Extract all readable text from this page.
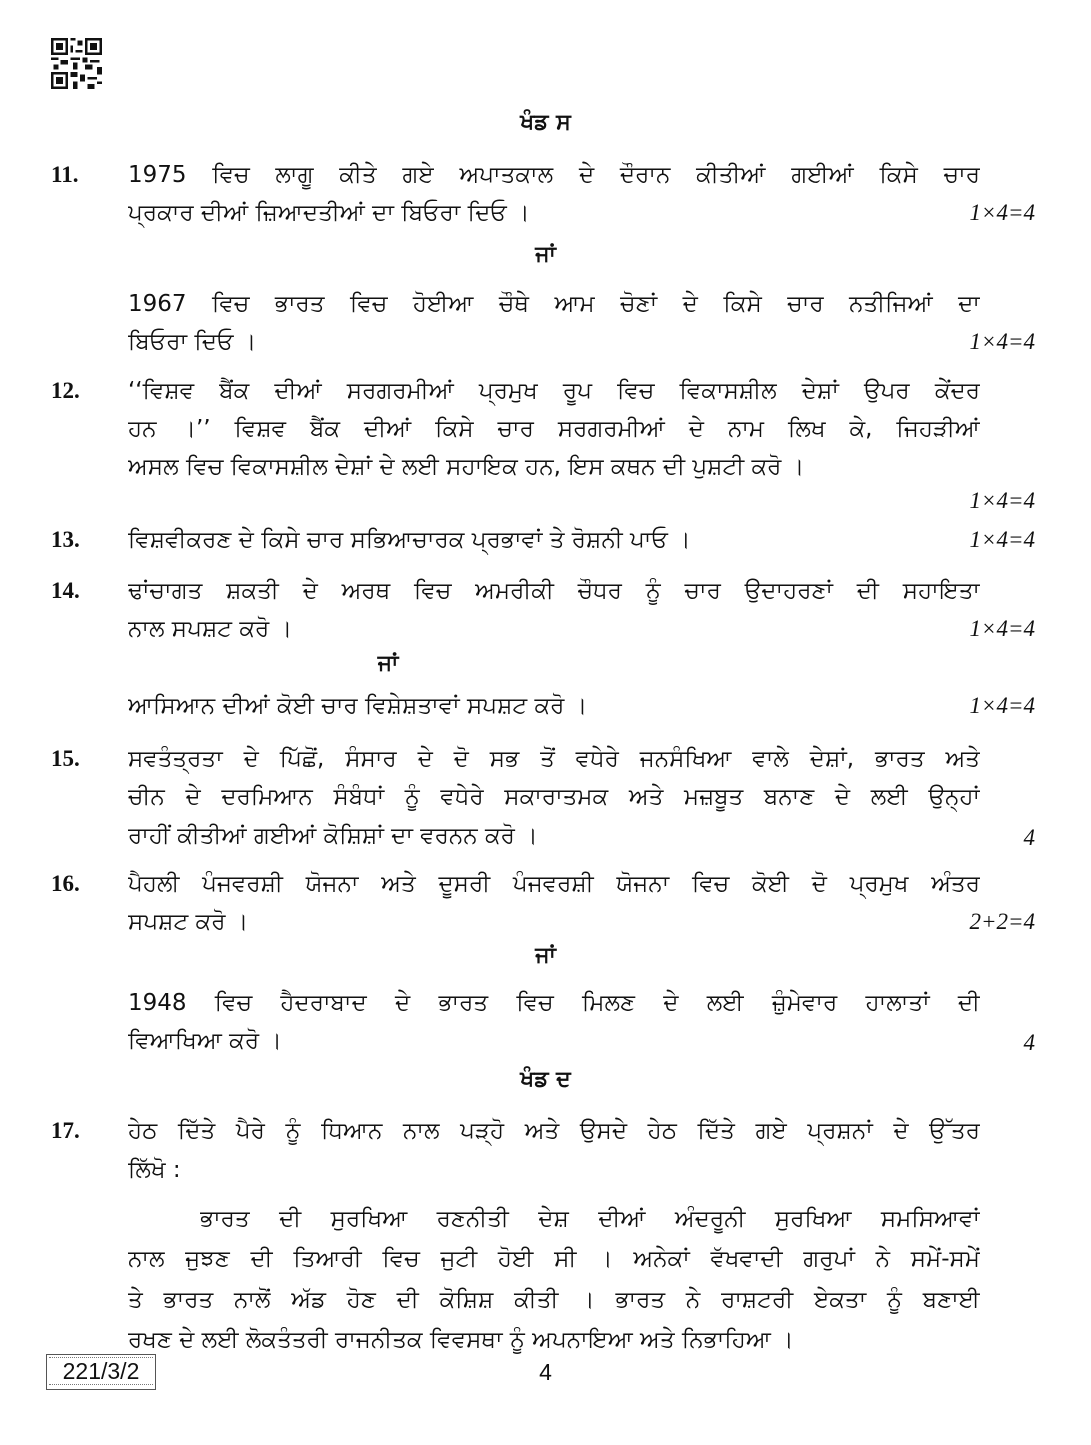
ਖੰਡ ਸ
11.	1975 ਵਿਚ ਲਾਗੂ ਕੀਤੇ ਗਏ ਅਪਾਤਕਾਲ ਦੇ ਦੌਰਾਨ ਕੀਤੀਆਂ ਗਈਆਂ ਕਿਸੇ ਚਾਰ
ਪ੍ਰਕਾਰ ਦੀਆਂ ਜ਼ਿਆਦਤੀਆਂ ਦਾ ਬਿਓਰਾ ਦਿਓ ।	1×4=4
ਜਾਂ
1967 ਵਿਚ ਭਾਰਤ ਵਿਚ ਹੋਈਆ ਚੌਥੇ ਆਮ ਚੋਣਾਂ ਦੇ ਕਿਸੇ ਚਾਰ ਨਤੀਜਿਆਂ ਦਾ
ਬਿਓਰਾ ਦਿਓ ।	1×4=4
12.	‘‘ਵਿਸ਼ਵ ਬੈਂਕ ਦੀਆਂ ਸਰਗਰਮੀਆਂ ਪ੍ਰਮੁਖ ਰੂਪ ਵਿਚ ਵਿਕਾਸਸ਼ੀਲ ਦੇਸ਼ਾਂ ਉਪਰ ਕੇਂਦਰ
ਹਨ ।’’ ਵਿਸ਼ਵ ਬੈਂਕ ਦੀਆਂ ਕਿਸੇ ਚਾਰ ਸਰਗਰਮੀਆਂ ਦੇ ਨਾਮ ਲਿਖ ਕੇ, ਜਿਹੜੀਆਂ
ਅਸਲ ਵਿਚ ਵਿਕਾਸਸ਼ੀਲ ਦੇਸ਼ਾਂ ਦੇ ਲਈ ਸਹਾਇਕ ਹਨ, ਇਸ ਕਥਨ ਦੀ ਪੁਸ਼ਟੀ ਕਰੋ ।
1×4=4
13.	ਵਿਸ਼ਵੀਕਰਣ ਦੇ ਕਿਸੇ ਚਾਰ ਸਭਿਆਚਾਰਕ ਪ੍ਰਭਾਵਾਂ ਤੇ ਰੋਸ਼ਨੀ ਪਾਓ ।	1×4=4
14.	ਢਾਂਚਾਗਤ ਸ਼ਕਤੀ ਦੇ ਅਰਥ ਵਿਚ ਅਮਰੀਕੀ ਚੌਧਰ ਨੂੰ ਚਾਰ ਉਦਾਹਰਣਾਂ ਦੀ ਸਹਾਇਤਾ
ਨਾਲ ਸਪਸ਼ਟ ਕਰੋ ।	1×4=4
ਜਾਂ
ਆਸਿਆਨ ਦੀਆਂ ਕੋਈ ਚਾਰ ਵਿਸ਼ੇਸ਼ਤਾਵਾਂ ਸਪਸ਼ਟ ਕਰੋ ।	1×4=4
15.	ਸਵਤੰਤ੍ਰਤਾ ਦੇ ਪਿੱਛੋਂ, ਸੰਸਾਰ ਦੇ ਦੋ ਸਭ ਤੋਂ ਵਧੇਰੇ ਜਨਸੰਖਿਆ ਵਾਲੇ ਦੇਸ਼ਾਂ, ਭਾਰਤ ਅਤੇ
ਚੀਨ ਦੇ ਦਰਮਿਆਨ ਸੰਬੰਧਾਂ ਨੂੰ ਵਧੇਰੇ ਸਕਾਰਾਤਮਕ ਅਤੇ ਮਜ਼ਬੂਤ ਬਨਾਣ ਦੇ ਲਈ ਉਨ੍ਹਾਂ
ਰਾਹੀਂ ਕੀਤੀਆਂ ਗਈਆਂ ਕੋਸ਼ਿਸ਼ਾਂ ਦਾ ਵਰਨਨ ਕਰੋ ।	4
16.	ਪੈਹਲੀ ਪੰਜਵਰਸ਼ੀ ਯੋਜਨਾ ਅਤੇ ਦੂਸਰੀ ਪੰਜਵਰਸ਼ੀ ਯੋਜਨਾ ਵਿਚ ਕੋਈ ਦੋ ਪ੍ਰਮੁਖ ਅੰਤਰ
ਸਪਸ਼ਟ ਕਰੋ ।	2+2=4
ਜਾਂ
1948 ਵਿਚ ਹੈਦਰਾਬਾਦ ਦੇ ਭਾਰਤ ਵਿਚ ਮਿਲਣ ਦੇ ਲਈ ਜ਼ੁੰਮੇਵਾਰ ਹਾਲਾਤਾਂ ਦੀ
ਵਿਆਖਿਆ ਕਰੋ ।	4
ਖੰਡ ਦ
17.	ਹੇਠ ਦਿੱਤੇ ਪੈਰੇ ਨੂੰ ਧਿਆਨ ਨਾਲ ਪੜ੍ਹੋ ਅਤੇ ਉਸਦੇ ਹੇਠ ਦਿੱਤੇ ਗਏ ਪ੍ਰਸ਼ਨਾਂ ਦੇ ਉੱਤਰ
ਲਿੱਖੋ :
ਭਾਰਤ ਦੀ ਸੁਰਖਿਆ ਰਣਨੀਤੀ ਦੇਸ਼ ਦੀਆਂ ਅੰਦਰੂਨੀ ਸੁਰਖਿਆ ਸਮਸਿਆਵਾਂ
ਨਾਲ ਜੁਝਣ ਦੀ ਤਿਆਰੀ ਵਿਚ ਜੁਟੀ ਹੋਈ ਸੀ । ਅਨੇਕਾਂ ਵੱਖਵਾਦੀ ਗਰੁਪਾਂ ਨੇ ਸਮੇਂ-ਸਮੇਂ
ਤੇ ਭਾਰਤ ਨਾਲੋਂ ਅੱਡ ਹੋਣ ਦੀ ਕੋਸ਼ਿਸ਼ ਕੀਤੀ । ਭਾਰਤ ਨੇ ਰਾਸ਼ਟਰੀ ਏਕਤਾ ਨੂੰ ਬਣਾਈ
ਰਖਣ ਦੇ ਲਈ ਲੋਕਤੰਤਰੀ ਰਾਜਨੀਤਕ ਵਿਵਸਥਾ ਨੂੰ ਅਪਨਾਇਆ ਅਤੇ ਨਿਭਾਹਿਆ ।
221/3/2	4
